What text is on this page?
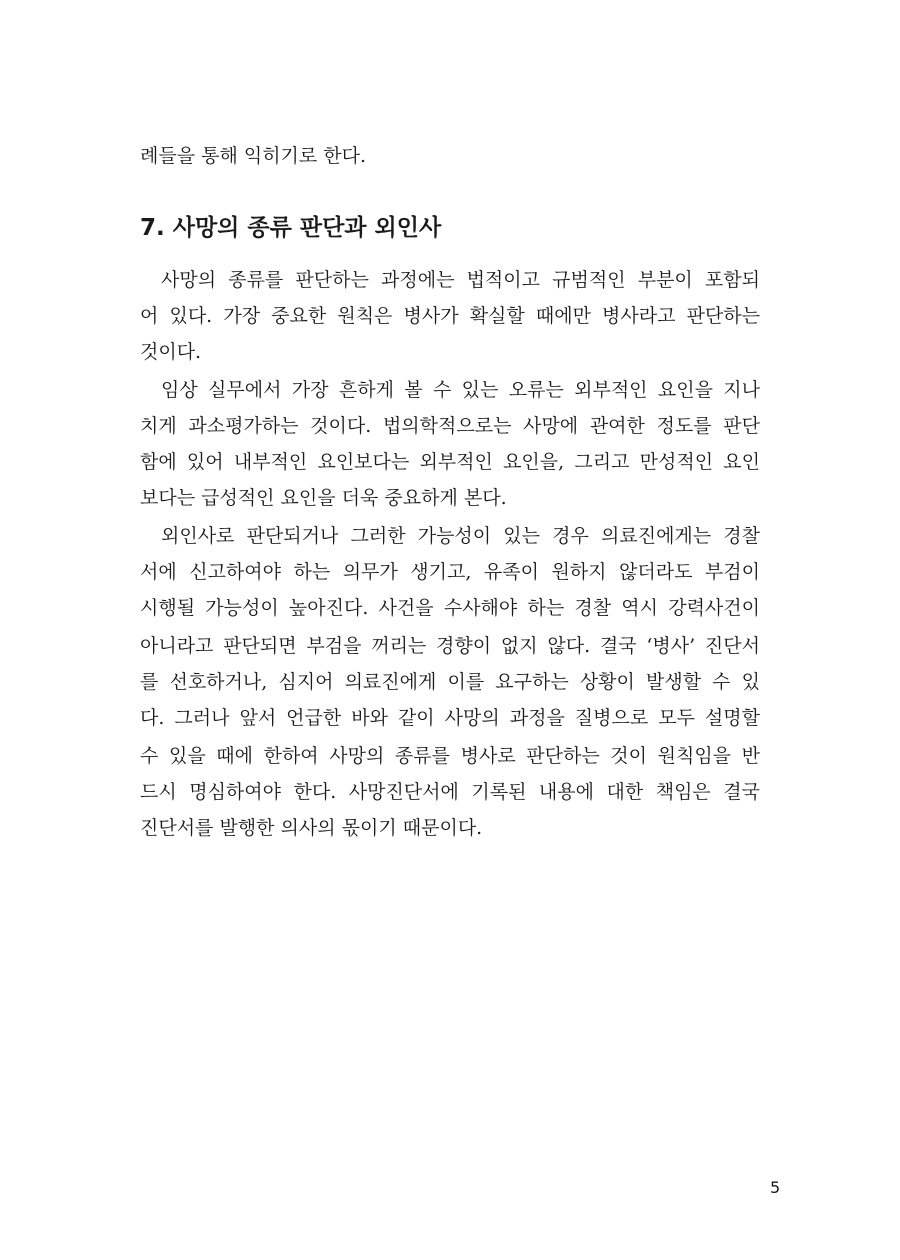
례들을 통해 익히기로 한다.
7. 사망의 종류 판단과 외인사
사망의 종류를 판단하는 과정에는 법적이고 규범적인 부분이 포함되
어 있다. 가장 중요한 원칙은 병사가 확실할 때에만 병사라고 판단하는
것이다.
임상 실무에서 가장 흔하게 볼 수 있는 오류는 외부적인 요인을 지나
치게 과소평가하는 것이다. 법의학적으로는 사망에 관여한 정도를 판단
함에 있어 내부적인 요인보다는 외부적인 요인을, 그리고 만성적인 요인
보다는 급성적인 요인을 더욱 중요하게 본다.
외인사로 판단되거나 그러한 가능성이 있는 경우 의료진에게는 경찰
서에 신고하여야 하는 의무가 생기고, 유족이 원하지 않더라도 부검이
시행될 가능성이 높아진다. 사건을 수사해야 하는 경찰 역시 강력사건이
아니라고 판단되면 부검을 꺼리는 경향이 없지 않다. 결국 ‘병사’ 진단서
를 선호하거나, 심지어 의료진에게 이를 요구하는 상황이 발생할 수 있
다. 그러나 앞서 언급한 바와 같이 사망의 과정을 질병으로 모두 설명할
수 있을 때에 한하여 사망의 종류를 병사로 판단하는 것이 원칙임을 반
드시 명심하여야 한다. 사망진단서에 기록된 내용에 대한 책임은 결국
진단서를 발행한 의사의 몫이기 때문이다.
5
